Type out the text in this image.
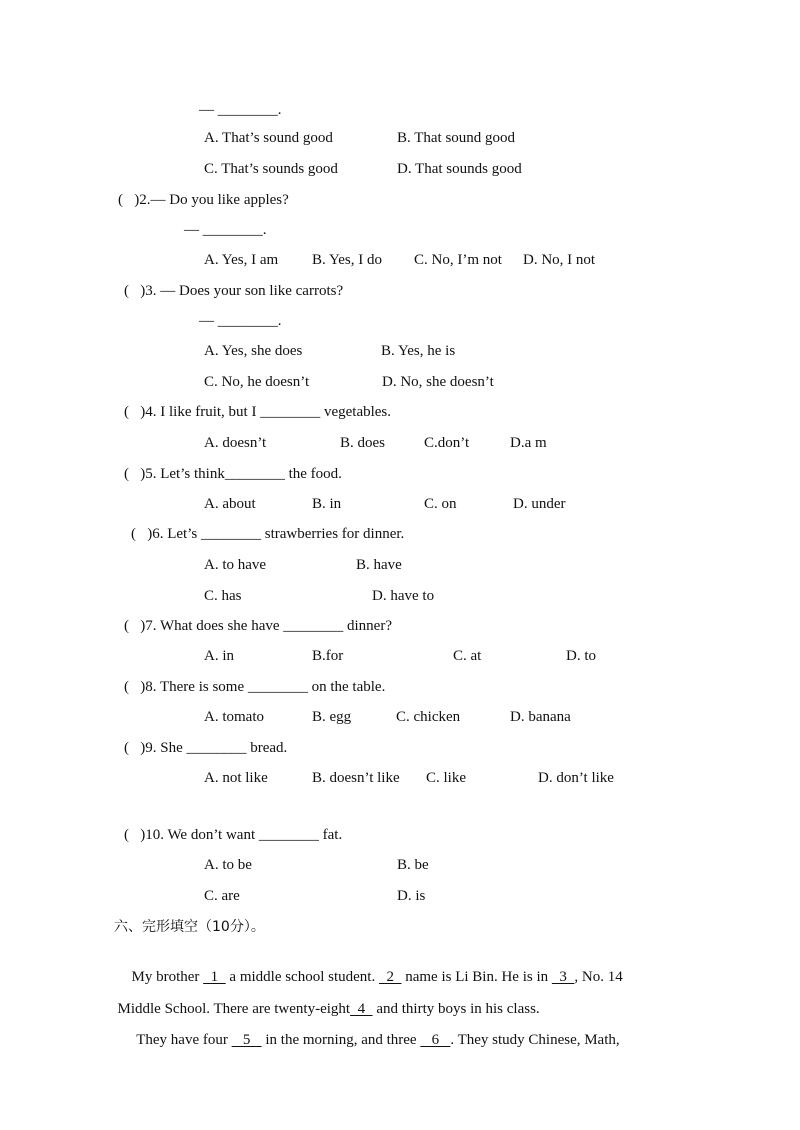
— ________.
A. That’s sound good	B. That sound good
C. That’s sounds good	D. That sounds good
(   )2.— Do you like apples?
— ________.
A. Yes, I am B. Yes, I do C. No, I’m not D. No, I not
(   )3. — Does your son like carrots?
— ________.
A. Yes, she does	B. Yes, he is
C. No, he doesn’t	D. No, she doesn’t
(   )4. I like fruit, but I ________ vegetables.
A. doesn’t	B. does	C.don’t	D.a m
(   )5. Let’s think________ the food.
A. about	B. in	C. on	D. under
(   )6. Let’s ________ strawberries for dinner.
A. to have	B. have
C. has	D. have to
(   )7. What does she have ________ dinner?
A. in	B.for	C. at	D. to
(   )8. There is some ________ on the table.
A. tomato	B. egg	C. chicken	D. banana
(   )9. She ________ bread.
A. not like	B. doesn’t like C. like	D. don’t like
(   )10. We don’t want ________ fat.
A. to be	B. be
C. are	D. is
六、完形填空（10分）。

My brother   1   a middle school student.   2   name is Li Bin. He is in   3  , No. 14

Middle School. There are twenty-eight  4   and thirty boys in his class.

They have four    5    in the morning, and three    6   . They study Chinese, Math,
